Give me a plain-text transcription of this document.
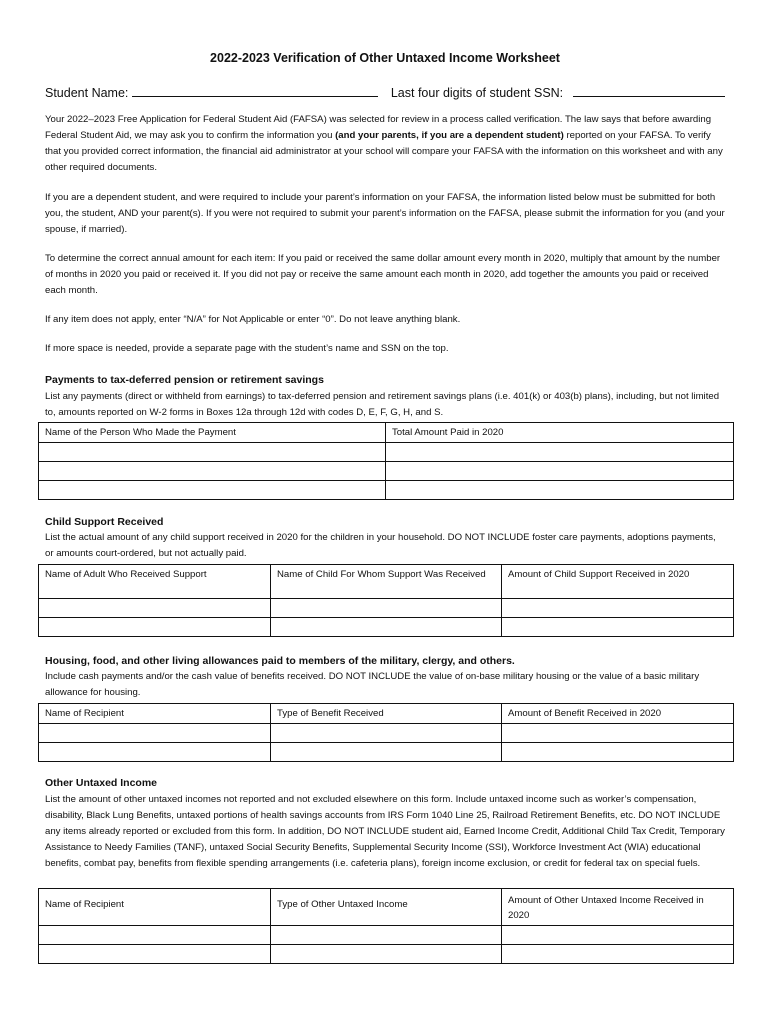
2022-2023 Verification of Other Untaxed Income Worksheet
Student Name:	Last four digits of student SSN:

Your 2022–2023 Free Application for Federal Student Aid (FAFSA) was selected for review in a process called verification. The law says that before awarding Federal Student Aid, we may ask you to confirm the information you (and your parents, if you are a dependent student) reported on your FAFSA. To verify that you provided correct information, the financial aid administrator at your school will compare your FAFSA with the information on this worksheet and with any other required documents.

If you are a dependent student, and were required to include your parent’s information on your FAFSA, the information listed below must be submitted for both you, the student, AND your parent(s). If you were not required to submit your parent’s information on the FAFSA, please submit the information for you (and your spouse, if married).

To determine the correct annual amount for each item: If you paid or received the same dollar amount every month in 2020, multiply that amount by the number of months in 2020 you paid or received it. If you did not pay or receive the same amount each month in 2020, add together the amounts you paid or received each month.

If any item does not apply, enter “N/A” for Not Applicable or enter “0”. Do not leave anything blank.

If more space is needed, provide a separate page with the student’s name and SSN on the top.

Payments to tax-deferred pension or retirement savings

List any payments (direct or withheld from earnings) to tax-deferred pension and retirement savings plans (i.e. 401(k) or 403(b) plans), including, but not limited to, amounts reported on W-2 forms in Boxes 12a through 12d with codes D, E, F, G, H, and S.

Name of the Person Who Made the Payment	Total Amount Paid in 2020

Child Support Received

List the actual amount of any child support received in 2020 for the children in your household. DO NOT INCLUDE foster care payments, adoptions payments, or amounts court-ordered, but not actually paid.

Name of Adult Who Received Support	Name of Child For Whom Support Was Received	Amount of Child Support Received in 2020

Housing, food, and other living allowances paid to members of the military, clergy, and others.

Include cash payments and/or the cash value of benefits received. DO NOT INCLUDE the value of on-base military housing or the value of a basic military allowance for housing.

Name of Recipient	Type of Benefit Received	Amount of Benefit Received in 2020

Other Untaxed Income

List the amount of other untaxed incomes not reported and not excluded elsewhere on this form. Include untaxed income such as worker’s compensation, disability, Black Lung Benefits, untaxed portions of health savings accounts from IRS Form 1040 Line 25, Railroad Retirement Benefits, etc. DO NOT INCLUDE any items already reported or excluded from this form. In addition, DO NOT INCLUDE student aid, Earned Income Credit, Additional Child Tax Credit, Temporary Assistance to Needy Families (TANF), untaxed Social Security Benefits, Supplemental Security Income (SSI), Workforce Investment Act (WIA) educational benefits, combat pay, benefits from flexible spending arrangements (i.e. cafeteria plans), foreign income exclusion, or credit for federal tax on special fuels.

Name of Recipient	Type of Other Untaxed Income	Amount of Other Untaxed Income Received in 2020
